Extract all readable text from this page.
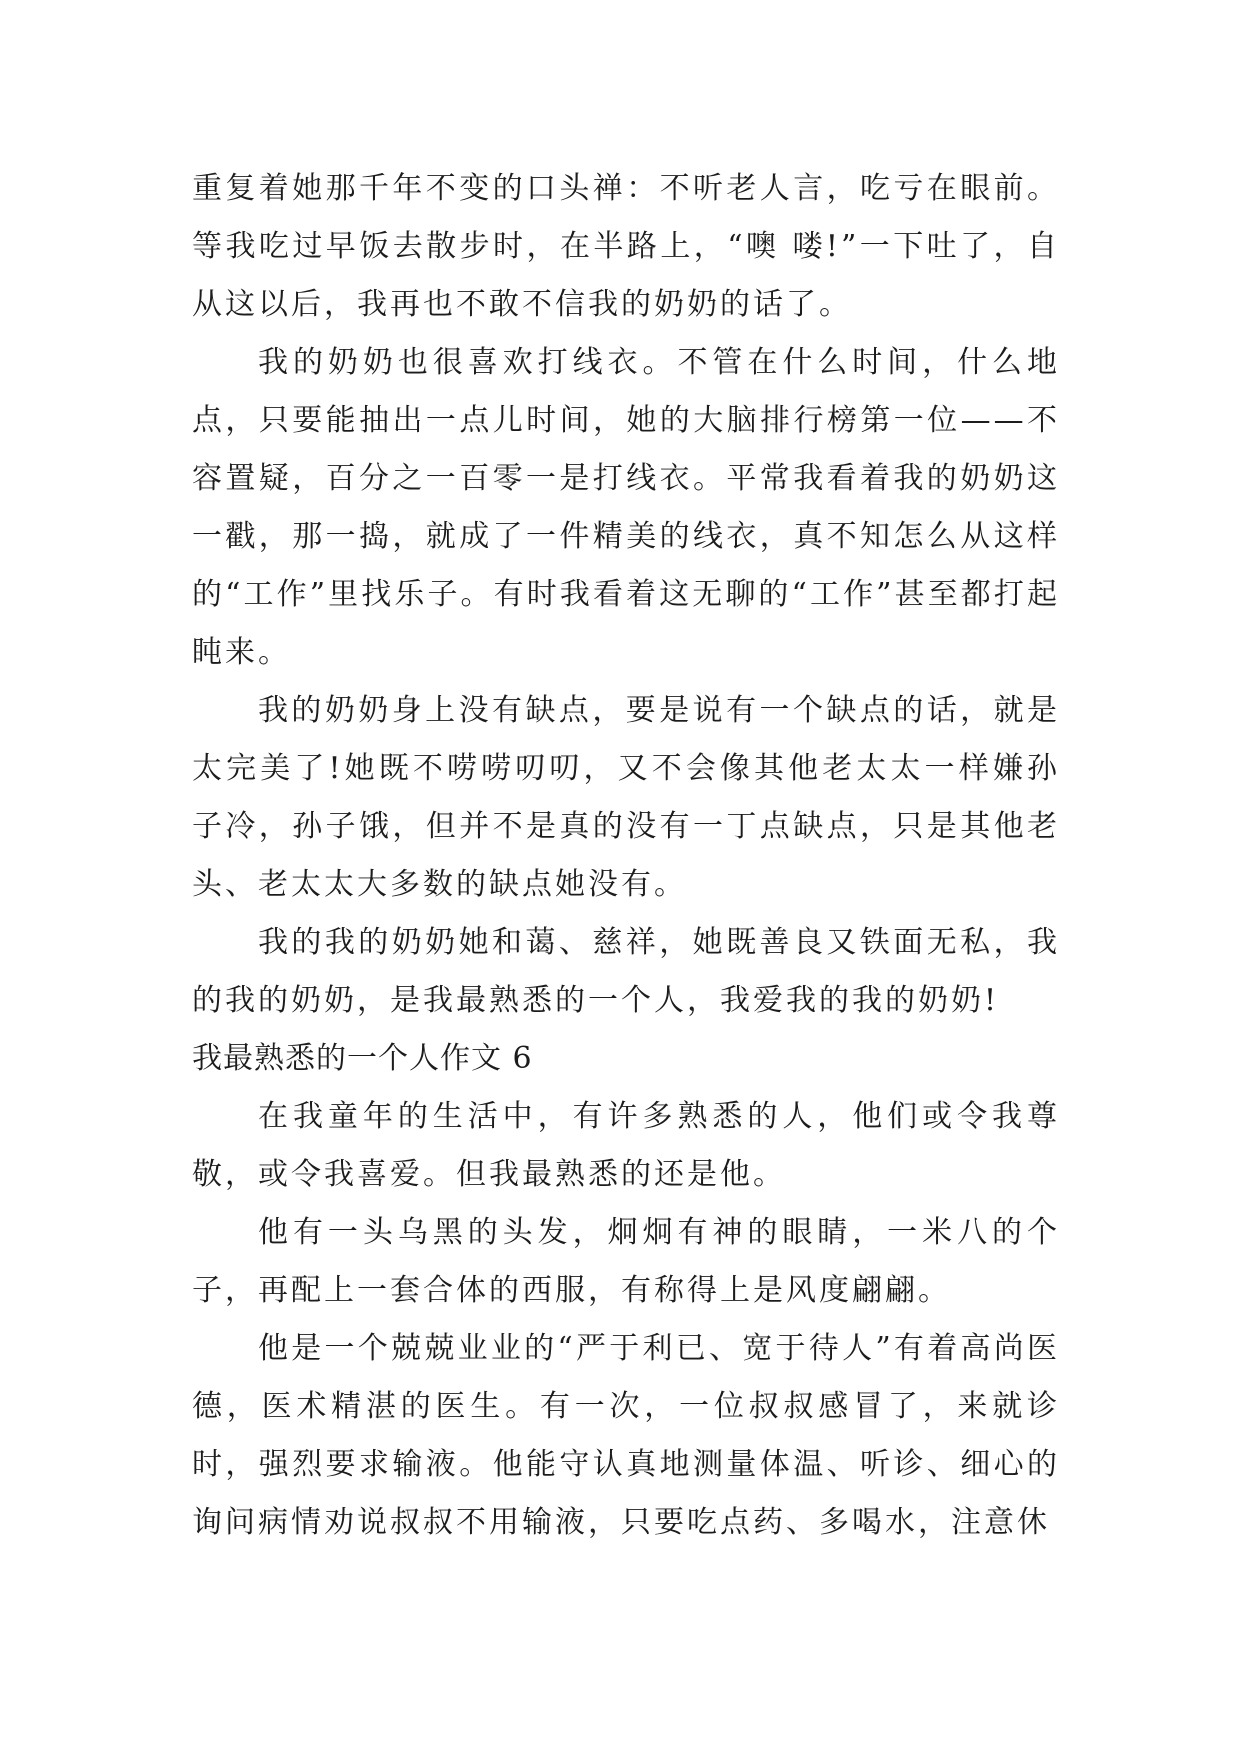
重复着她那千年不变的口头禅：不听老人言，吃亏在眼前。等我吃过早饭去散步时，在半路上，“噢 喽!”一下吐了，自从这以后，我再也不敢不信我的奶奶的话了。

我的奶奶也很喜欢打线衣。不管在什么时间，什么地点，只要能抽出一点儿时间，她的大脑排行榜第一位——不容置疑，百分之一百零一是打线衣。平常我看着我的奶奶这一戳，那一捣，就成了一件精美的线衣，真不知怎么从这样的“工作”里找乐子。有时我看着这无聊的“工作”甚至都打起盹来。

我的奶奶身上没有缺点，要是说有一个缺点的话，就是太完美了!她既不唠唠叨叨，又不会像其他老太太一样嫌孙子冷，孙子饿，但并不是真的没有一丁点缺点，只是其他老头、老太太大多数的缺点她没有。

我的我的奶奶她和蔼、慈祥，她既善良又铁面无私，我的我的奶奶，是我最熟悉的一个人，我爱我的我的奶奶!

我最熟悉的一个人作文 6

在我童年的生活中，有许多熟悉的人，他们或令我尊敬，或令我喜爱。但我最熟悉的还是他。

他有一头乌黑的头发，炯炯有神的眼睛，一米八的个子，再配上一套合体的西服，有称得上是风度翩翩。

他是一个兢兢业业的“严于利已、宽于待人”有着高尚医德，医术精湛的医生。有一次，一位叔叔感冒了，来就诊时，强烈要求输液。他能守认真地测量体温、听诊、细心的询问病情劝说叔叔不用输液，只要吃点药、多喝水，注意休
